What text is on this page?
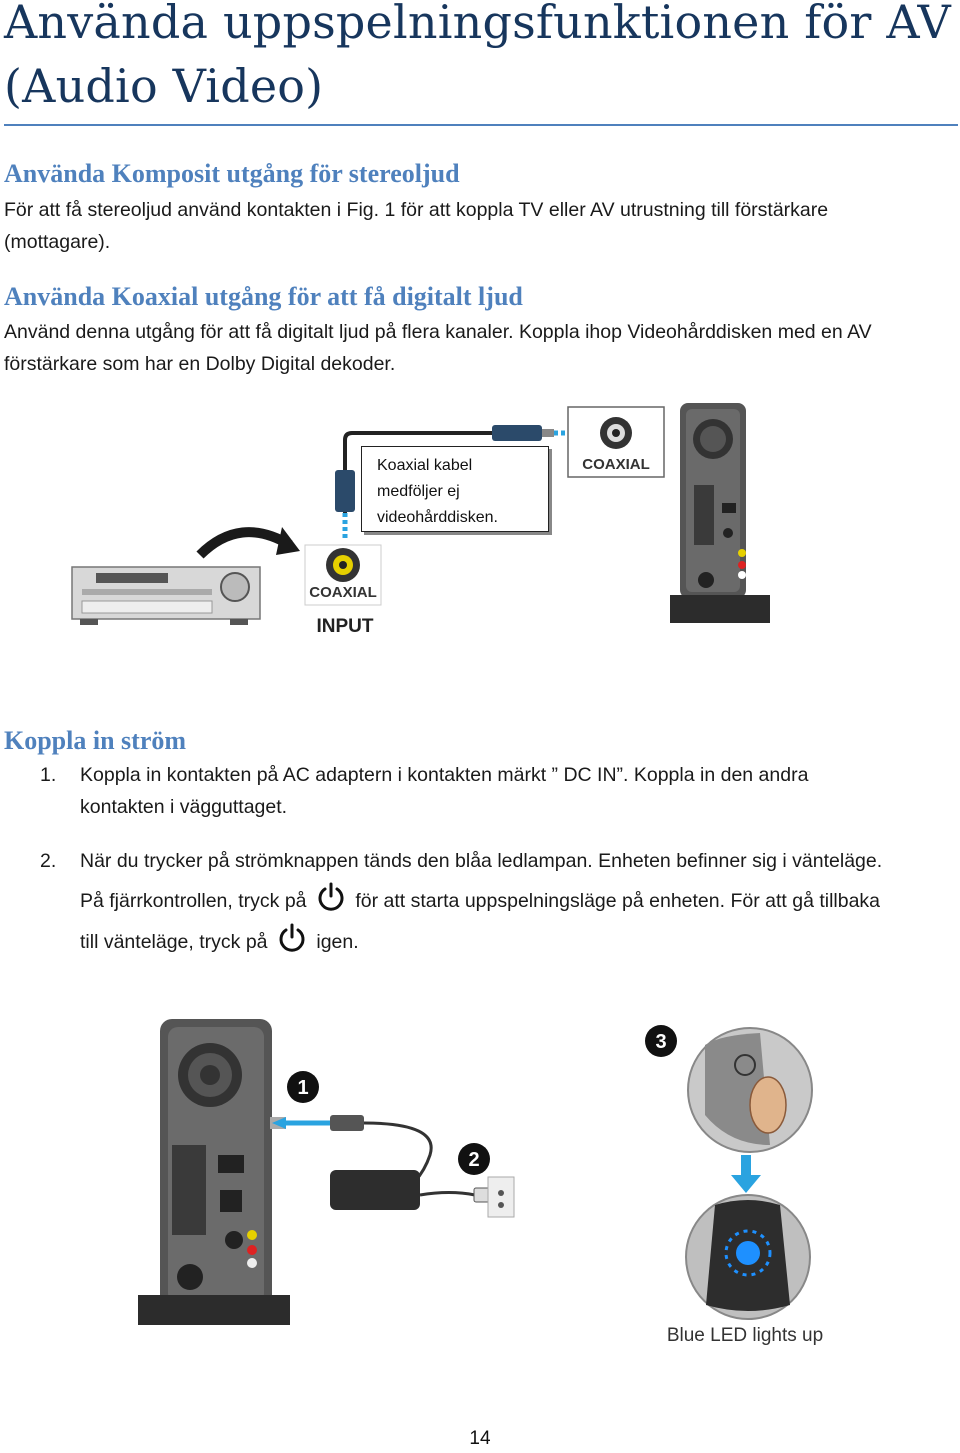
Använda uppspelningsfunktionen för AV
(Audio Video)
Använda Komposit utgång för stereoljud
För att få stereoljud använd kontakten i Fig. 1 för att koppla TV eller AV utrustning till förstärkare
(mottagare).
Använda Koaxial utgång för att få digitalt ljud
Använd denna utgång för att få digitalt ljud på flera kanaler. Koppla ihop Videohårddisken med en AV
förstärkare som har en Dolby Digital dekoder.
COAXIAL
COAXIAL
INPUT
Koaxial kabel
medföljer ej
videohårddisken.
Koppla in ström
1. Koppla in kontakten på AC adaptern i kontakten märkt ” DC IN”. Koppla in den andra
kontakten i vägguttaget.
2. När du trycker på strömknappen tänds den blåa ledlampan. Enheten befinner sig i vänteläge.
På fjärrkontrollen, tryck på	för att starta uppspelningsläge på enheten. För att gå tillbaka
till vänteläge, tryck på	igen.
1
2
3
Blue LED lights up
14
